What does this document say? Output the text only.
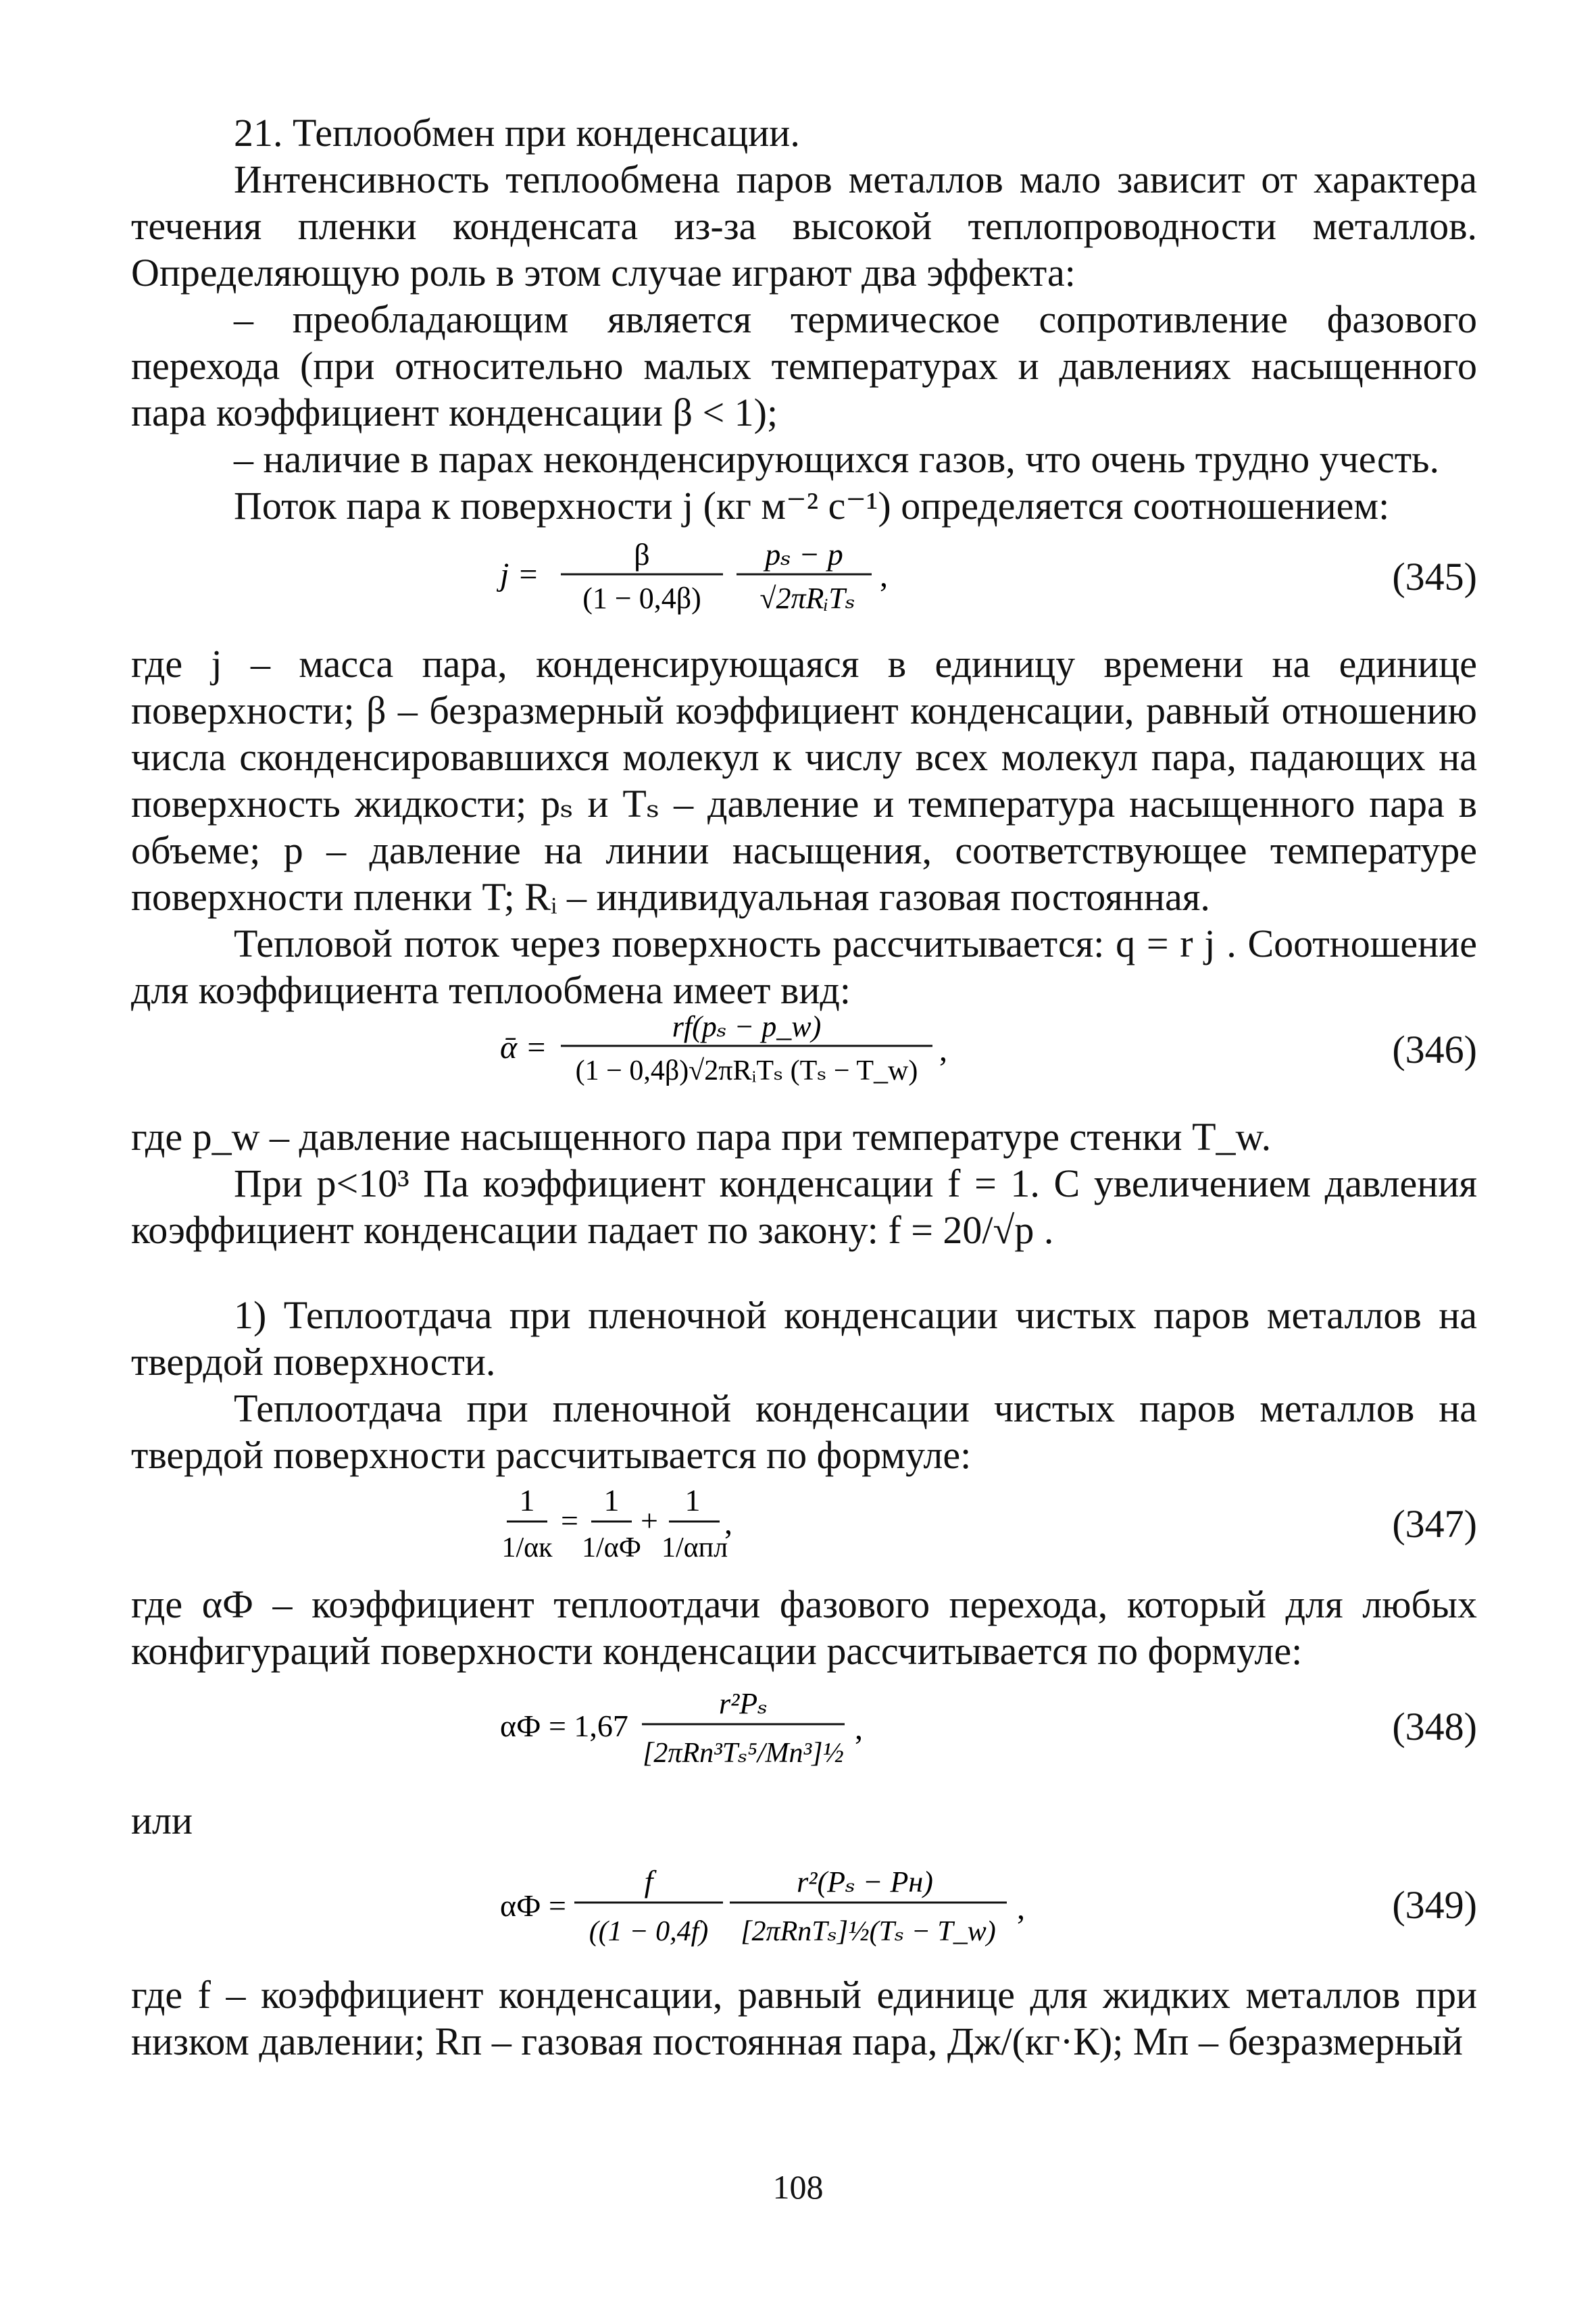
21. Теплообмен при конденсации.

Интенсивность теплообмена паров металлов мало зависит от характера течения пленки конденсата из-за высокой теплопроводности металлов. Определяющую роль в этом случае играют два эффекта:

– преобладающим является термическое сопротивление фазового перехода (при относительно малых температурах и давлениях насыщенного пара коэффициент конденсации β < 1);

– наличие в парах неконденсирующихся газов, что очень трудно учесть.

Поток пара к поверхности j (кг м⁻² с⁻¹) определяется соотношением:

j =
β
(1 − 0,4β)
pₛ − p
√2πRᵢTₛ
,	(345)

где j – масса пара, конденсирующаяся в единицу времени на единице поверхности; β – безразмерный коэффициент конденсации, равный отношению числа сконденсировавшихся молекул к числу всех молекул пара, падающих на поверхность жидкости; pₛ и Tₛ – давление и температура насыщенного пара в объеме; p – давление на линии насыщения, соответствующее температуре поверхности пленки T; Rᵢ – индивидуальная газовая постоянная.

Тепловой поток через поверхность рассчитывается: q = r j . Соотношение для коэффициента теплообмена имеет вид:

ᾱ =
rf(pₛ − p_w)
(1 − 0,4β)√2πRᵢTₛ (Tₛ − T_w)
,	(346)

где p_w – давление насыщенного пара при температуре стенки T_w.

При p<10³ Па коэффициент конденсации f = 1. С увеличением давления коэффициент конденсации падает по закону: f = 20/√p .

1) Теплоотдача при пленочной конденсации чистых паров металлов на твердой поверхности.

Теплоотдача при пленочной конденсации чистых паров металлов на твердой поверхности рассчитывается по формуле:

1
1/αк
=
1
1/αФ
+
1
1/αпл
,	(347)

где αФ – коэффициент теплоотдачи фазового перехода, который для любых конфигураций поверхности конденсации рассчитывается по формуле:

αФ = 1,67
r²Pₛ
[2πRп³Tₛ⁵/Mп³]½
,	(348)

или

αФ =
f
((1 − 0,4f)
r²(Pₛ − Pн)
[2πRпTₛ]½(Tₛ − T_w)
,	(349)

где f – коэффициент конденсации, равный единице для жидких металлов при низком давлении; Rп – газовая постоянная пара, Дж/(кг·К); Мп – безразмерный

108
